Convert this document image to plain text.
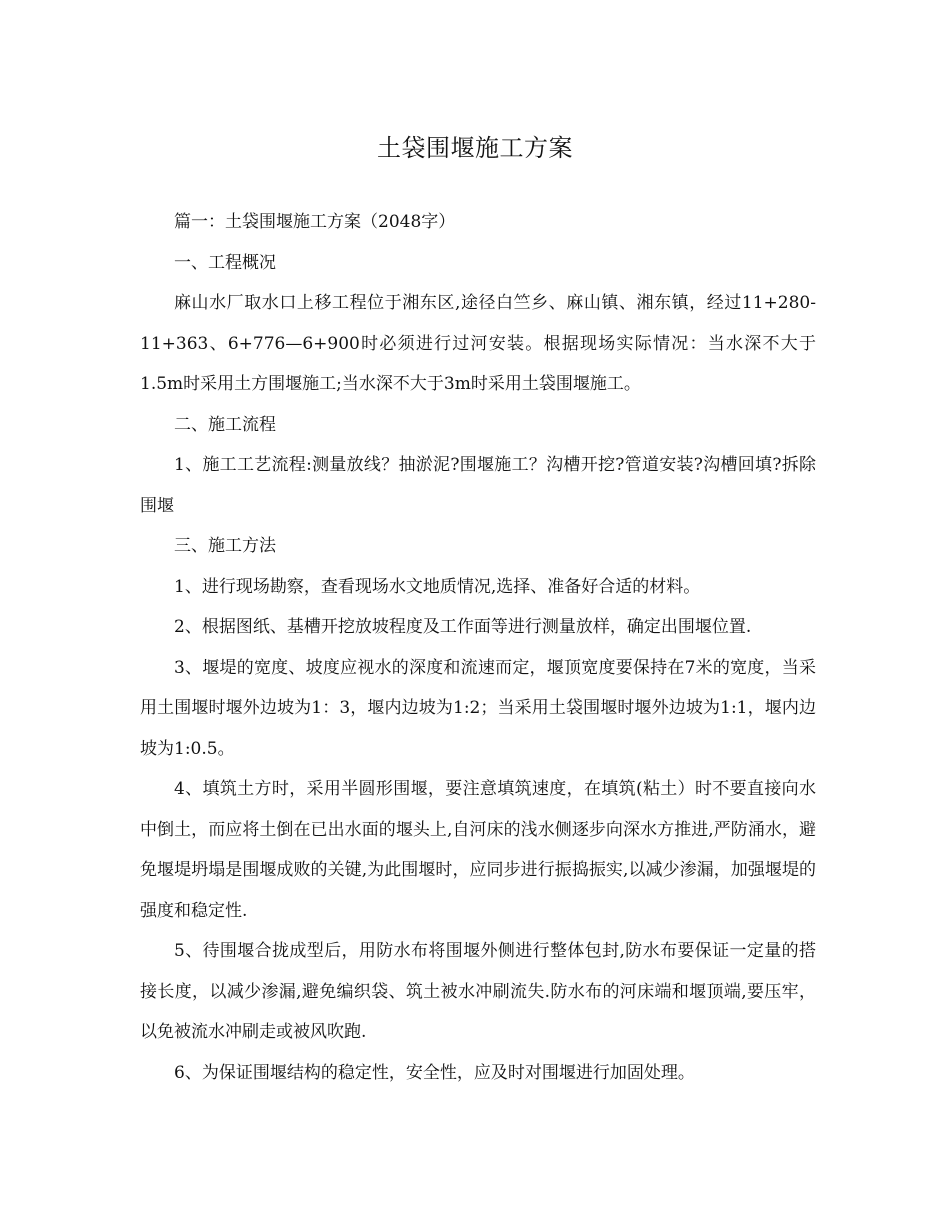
土袋围堰施工方案

篇一：土袋围堰施工方案（2048字）

一、工程概况

麻山水厂取水口上移工程位于湘东区,途径白竺乡、麻山镇、湘东镇，经过11+280-11+363、6+776—6+900时必须进行过河安装。根据现场实际情况：当水深不大于1.5m时采用土方围堰施工;当水深不大于3m时采用土袋围堰施工。

二、施工流程

1、施工工艺流程:测量放线？抽淤泥?围堰施工？沟槽开挖?管道安装?沟槽回填?拆除围堰

三、施工方法

1、进行现场勘察，查看现场水文地质情况,选择、准备好合适的材料。

2、根据图纸、基槽开挖放坡程度及工作面等进行测量放样，确定出围堰位置.

3、堰堤的宽度、坡度应视水的深度和流速而定，堰顶宽度要保持在7米的宽度，当采用土围堰时堰外边坡为1：3，堰内边坡为1:2；当采用土袋围堰时堰外边坡为1:1，堰内边坡为1:0.5。

4、填筑土方时，采用半圆形围堰，要注意填筑速度，在填筑(粘土）时不要直接向水中倒土，而应将土倒在已出水面的堰头上,自河床的浅水侧逐步向深水方推进,严防涌水，避免堰堤坍塌是围堰成败的关键,为此围堰时，应同步进行振捣振实,以减少渗漏，加强堰堤的强度和稳定性.

5、待围堰合拢成型后，用防水布将围堰外侧进行整体包封,防水布要保证一定量的搭接长度，以减少渗漏,避免编织袋、筑土被水冲刷流失.防水布的河床端和堰顶端,要压牢，以免被流水冲刷走或被风吹跑.

6、为保证围堰结构的稳定性，安全性，应及时对围堰进行加固处理。
